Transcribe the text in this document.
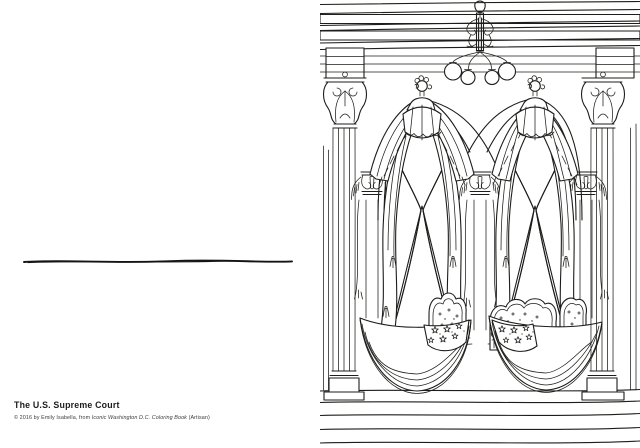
The U.S. Supreme Court
© 2016 by Emily Isabella, from Iconic Washington D.C. Coloring Book (Artisan)
